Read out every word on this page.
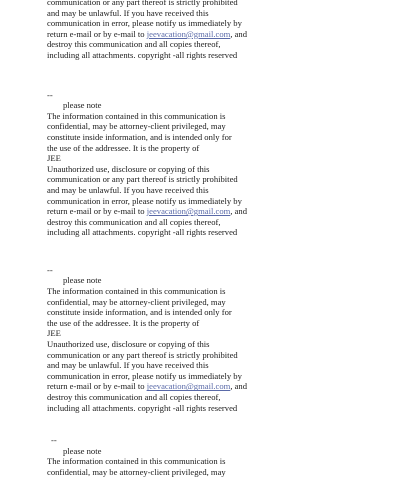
communication or any part thereof is strictly prohibited
and may be unlawful. If you have received this
communication in error, please notify us immediately by
return e-mail or by e-mail to jeevacation@gmail.com, and
destroy this communication and all copies thereof,
including all attachments. copyright -all rights reserved
--
please note
The information contained in this communication is
confidential, may be attorney-client privileged, may
constitute inside information, and is intended only for
the use of the addressee. It is the property of
JEE
Unauthorized use, disclosure or copying of this
communication or any part thereof is strictly prohibited
and may be unlawful. If you have received this
communication in error, please notify us immediately by
return e-mail or by e-mail to jeevacation@gmail.com, and
destroy this communication and all copies thereof,
including all attachments. copyright -all rights reserved
--
please note
The information contained in this communication is
confidential, may be attorney-client privileged, may
constitute inside information, and is intended only for
the use of the addressee. It is the property of
JEE
Unauthorized use, disclosure or copying of this
communication or any part thereof is strictly prohibited
and may be unlawful. If you have received this
communication in error, please notify us immediately by
return e-mail or by e-mail to jeevacation@gmail.com, and
destroy this communication and all copies thereof,
including all attachments. copyright -all rights reserved
--
please note
The information contained in this communication is
confidential, may be attorney-client privileged, may
